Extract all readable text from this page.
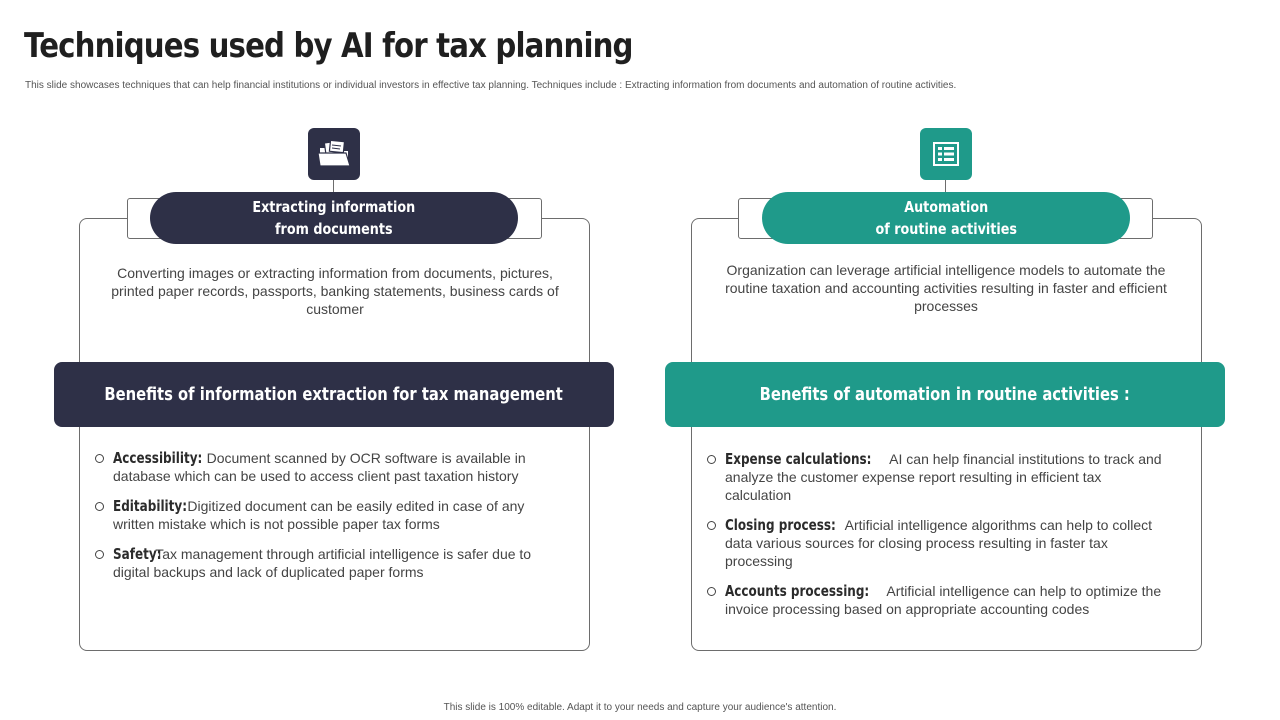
Techniques used by AI for tax planning
This slide showcases techniques that can help financial institutions or individual investors in effective tax planning. Techniques include : Extracting information from documents and automation of routine activities.
Extracting information
from documents
Converting images or extracting information from documents, pictures, printed paper records, passports, banking statements, business cards of customer
Benefits of information extraction for tax management
Accessibility: Document scanned by OCR software is available in database which can be used to access client past taxation history
Editability: Digitized document can be easily edited in case of any written mistake which is not possible paper tax forms
Safety: Tax management through artificial intelligence is safer due to digital backups and lack of duplicated paper forms
Automation
of routine activities
Organization can leverage artificial intelligence models to automate the routine taxation and accounting activities resulting in faster and efficient processes
Benefits of automation in routine activities :
Expense calculations: AI can help financial institutions to track and analyze the customer expense report resulting in efficient tax calculation
Closing process: Artificial intelligence algorithms can help to collect data various sources for closing process resulting in faster tax processing
Accounts processing: Artificial intelligence can help to optimize the invoice processing based on appropriate accounting codes
This slide is 100% editable. Adapt it to your needs and capture your audience's attention.
